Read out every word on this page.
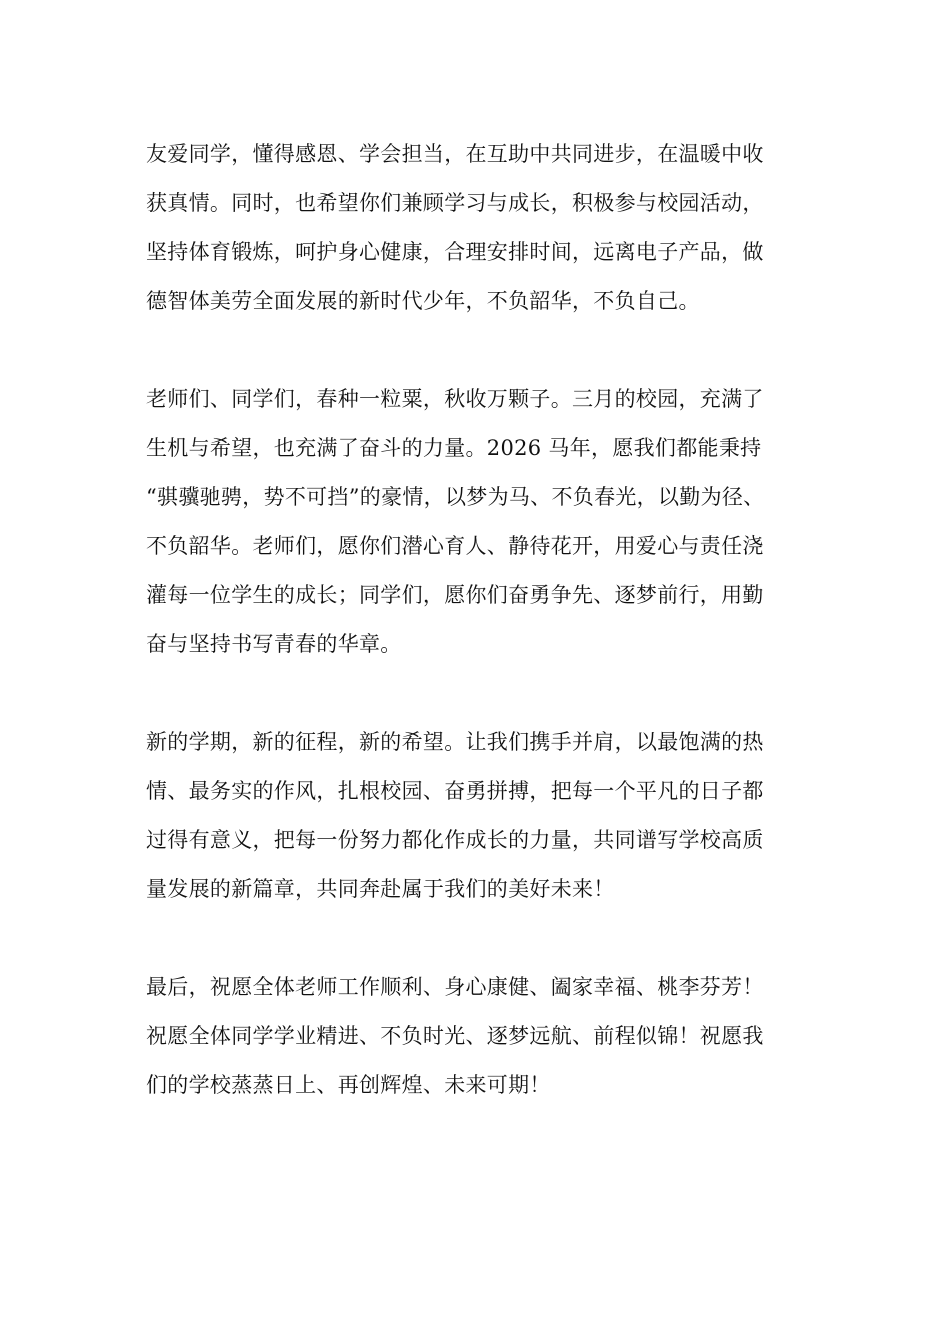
友爱同学，懂得感恩、学会担当，在互助中共同进步，在温暖中收
获真情。同时，也希望你们兼顾学习与成长，积极参与校园活动，
坚持体育锻炼，呵护身心健康，合理安排时间，远离电子产品，做
德智体美劳全面发展的新时代少年，不负韶华，不负自己。
老师们、同学们，春种一粒粟，秋收万颗子。三月的校园，充满了
生机与希望，也充满了奋斗的力量。2026 马年，愿我们都能秉持
“骐骥驰骋，势不可挡”的豪情，以梦为马、不负春光，以勤为径、
不负韶华。老师们，愿你们潜心育人、静待花开，用爱心与责任浇
灌每一位学生的成长；同学们，愿你们奋勇争先、逐梦前行，用勤
奋与坚持书写青春的华章。
新的学期，新的征程，新的希望。让我们携手并肩，以最饱满的热
情、最务实的作风，扎根校园、奋勇拼搏，把每一个平凡的日子都
过得有意义，把每一份努力都化作成长的力量，共同谱写学校高质
量发展的新篇章，共同奔赴属于我们的美好未来！
最后，祝愿全体老师工作顺利、身心康健、阖家幸福、桃李芬芳！
祝愿全体同学学业精进、不负时光、逐梦远航、前程似锦！祝愿我
们的学校蒸蒸日上、再创辉煌、未来可期！
